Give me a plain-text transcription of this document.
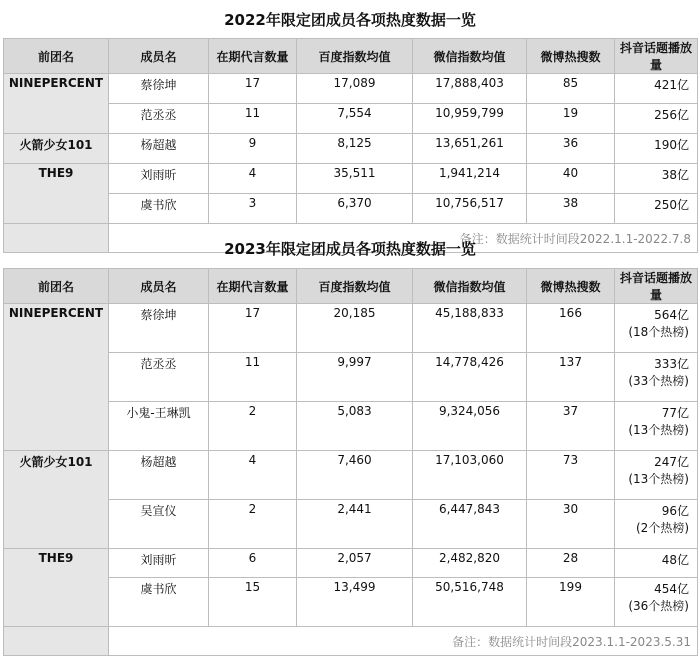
2022年限定团成员各项热度数据一览
前团名	成员名	在期代言数量	百度指数均值	微信指数均值	微博热搜数	抖音话题播放量
NINEPERCENT	蔡徐坤	17	17,089	17,888,403	85	421亿
	范丞丞	11	7,554	10,959,799	19	256亿
火箭少女101	杨超越	9	8,125	13,651,261	36	190亿
THE9	刘雨昕	4	35,511	1,941,214	40	38亿
	虞书欣	3	6,370	10,756,517	38	250亿
	备注：数据统计时间段2022.1.1-2022.7.8					
2023年限定团成员各项热度数据一览
前团名	成员名	在期代言数量	百度指数均值	微信指数均值	微博热搜数	抖音话题播放量
NINEPERCENT	蔡徐坤	17	20,185	45,188,833	166	564亿
(18个热榜)

	范丞丞	11	9,997	14,778,426	137	333亿
(33个热榜)

	小鬼-王琳凯	2	5,083	9,324,056	37	77亿
(13个热榜)

火箭少女101	杨超越	4	7,460	17,103,060	73	247亿
(13个热榜)

	吴宣仪	2	2,441	6,447,843	30	96亿
(2个热榜)

THE9	刘雨昕	6	2,057	2,482,820	28	48亿

	虞书欣	15	13,499	50,516,748	199	454亿
(36个热榜)

	备注：数据统计时间段2023.1.1-2023.5.31					
